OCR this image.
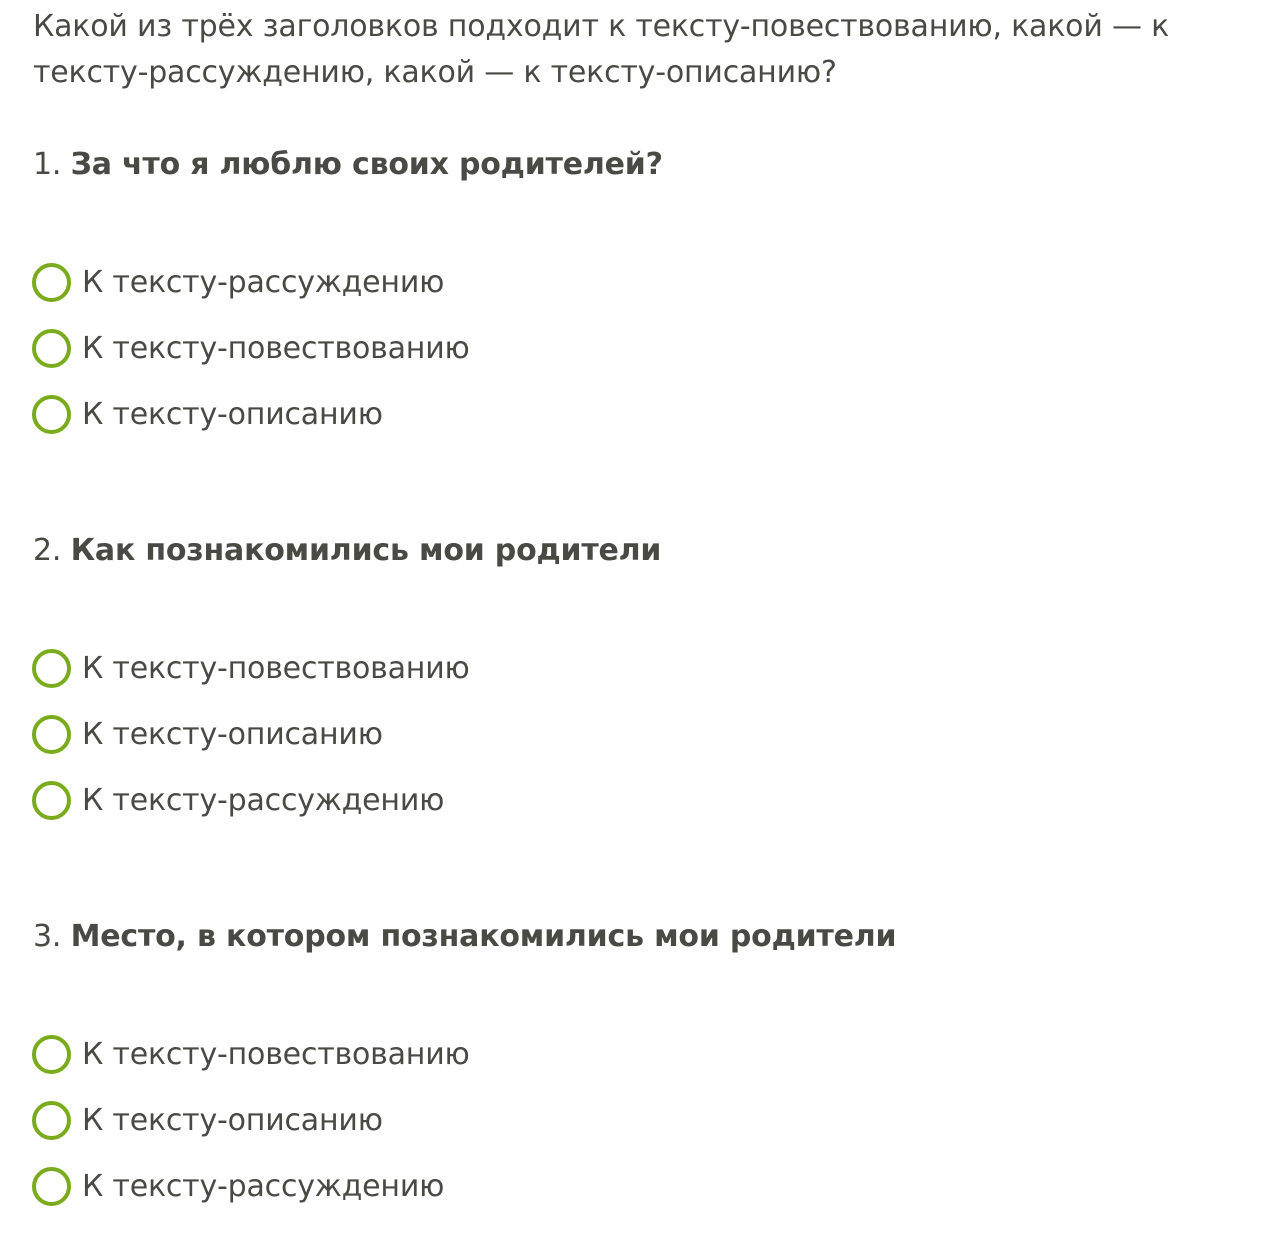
Какой из трёх заголовков подходит к тексту-повествованию, какой — к тексту-рассуждению, какой — к тексту-описанию?

1. За что я люблю своих родителей?
К тексту-рассуждению
К тексту-повествованию
К тексту-описанию
2. Как познакомились мои родители
К тексту-повествованию
К тексту-описанию
К тексту-рассуждению
3. Место, в котором познакомились мои родители
К тексту-повествованию
К тексту-описанию
К тексту-рассуждению
